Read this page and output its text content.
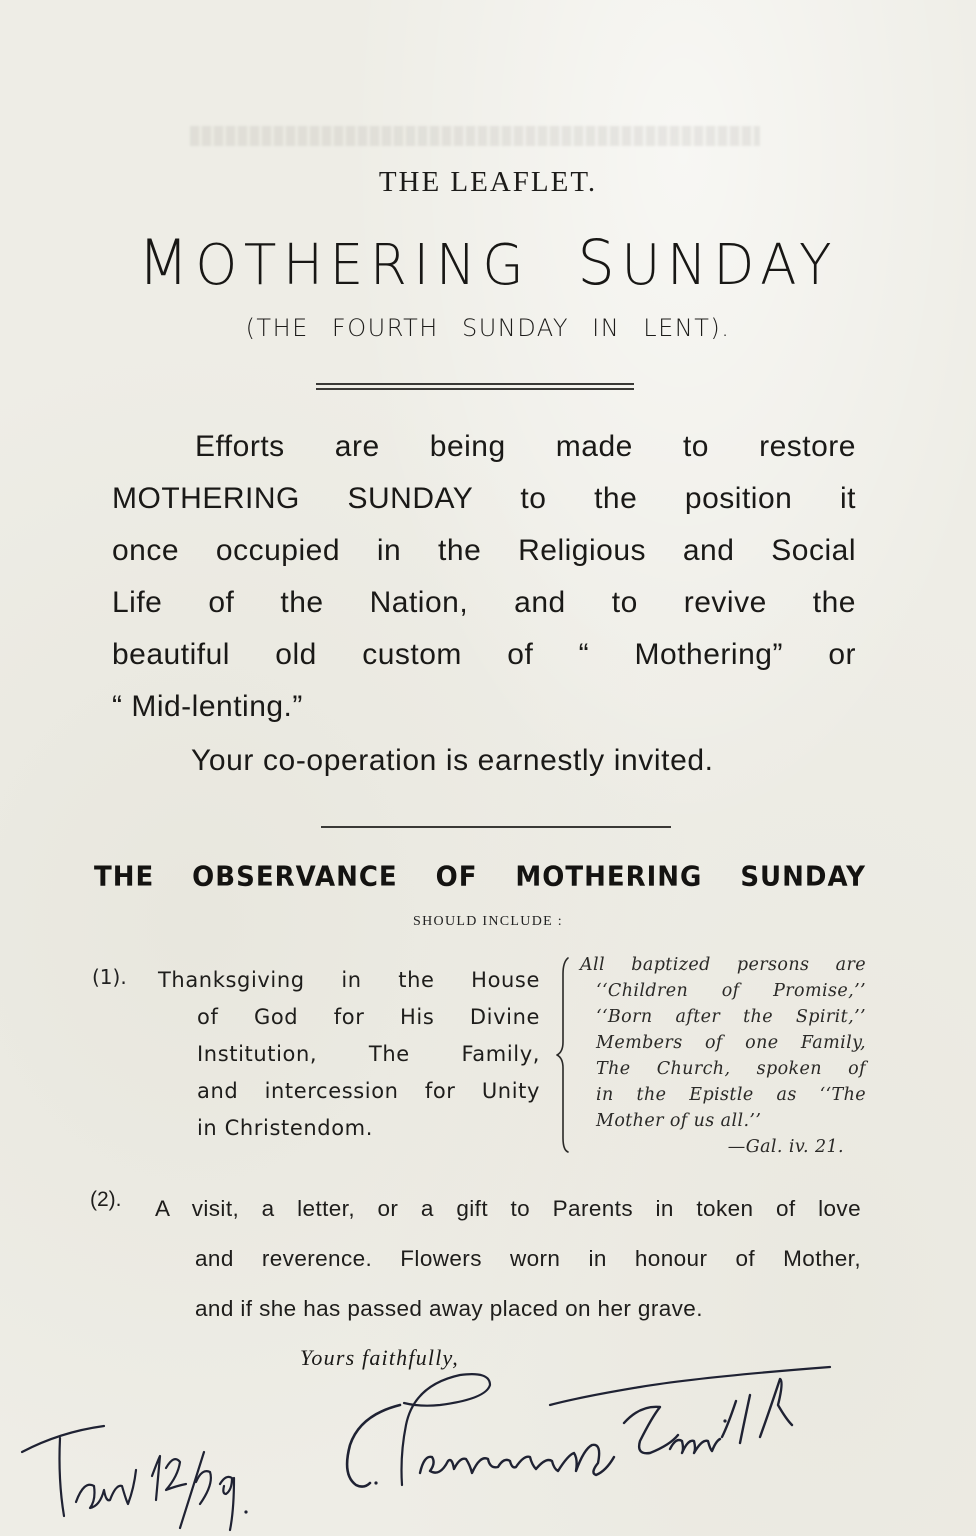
THE LEAFLET.
MOTHERING SUNDAY
(THE FOURTH SUNDAY IN LENT).
Efforts are being made to restore
MOTHERING SUNDAY to the position it
once occupied in the Religious and Social
Life of the Nation, and to revive the
beautiful old custom of “ Mothering” or
“ Mid-lenting.”
Your co-operation is earnestly invited.
THE OBSERVANCE OF MOTHERING SUNDAY
SHOULD INCLUDE :
(1). Thanksgiving in the House
of God for His Divine
Institution, The Family,
and intercession for Unity
in Christendom.
All baptized persons are
‘‘Children of Promise,’’
‘‘Born after the Spirit,’’
Members of one Family,
The Church, spoken of
in the Epistle as ‘‘The
Mother of us all.’’
—Gal. iv. 21.
(2). A visit, a letter, or a gift to Parents in token of love
and reverence. Flowers worn in honour of Mother,
and if she has passed away placed on her grave.
Yours faithfully,
